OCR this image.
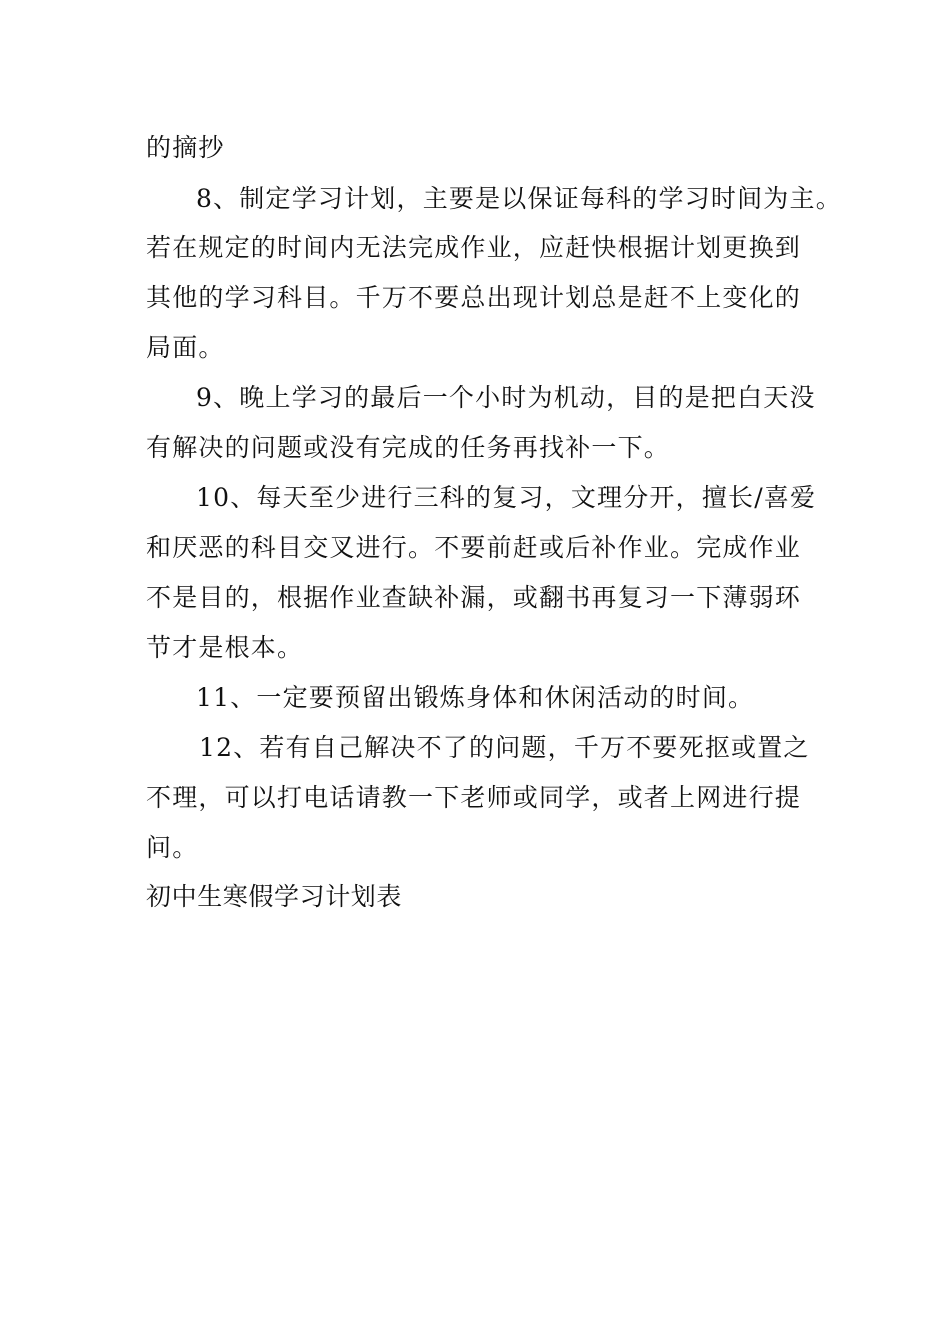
的摘抄
8、制定学习计划，主要是以保证每科的学习时间为主。
若在规定的时间内无法完成作业，应赶快根据计划更换到
其他的学习科目。千万不要总出现计划总是赶不上变化的
局面。
9、晚上学习的最后一个小时为机动，目的是把白天没
有解决的问题或没有完成的任务再找补一下。
10、每天至少进行三科的复习，文理分开，擅长/喜爱
和厌恶的科目交叉进行。不要前赶或后补作业。完成作业
不是目的，根据作业查缺补漏，或翻书再复习一下薄弱环
节才是根本。
11、一定要预留出锻炼身体和休闲活动的时间。
12、若有自己解决不了的问题，千万不要死抠或置之
不理，可以打电话请教一下老师或同学，或者上网进行提
问。
初中生寒假学习计划表
